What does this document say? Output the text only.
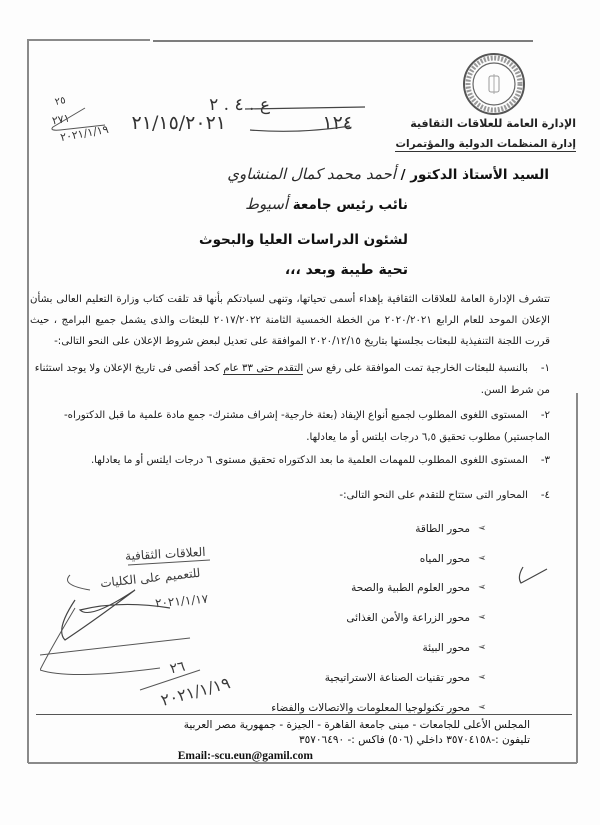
الإدارة العامة للعلاقات الثقافية
إدارة المنظمات الدولية والمؤتمرات
ع . ٤ . ٢
١٢٤
٢١/١٥/٢٠٢١
٢٥
٢٧١
٢٠٢١/١/١٩
السيد الأستاذ الدكتور / أحمد محمد كمال المنشاوي
نائب رئيس جامعة أسيوط
لشئون الدراسات العليا والبحوث
تحية طيبة وبعد ،،،
تتشرف الإدارة العامة للعلاقات الثقافية بإهداء أسمى تحياتها، وتنهى لسيادتكم بأنها قد تلقت كتاب وزارة التعليم العالى بشأن الإعلان الموحد للعام الرابع ٢٠٢٠/٢٠٢١ من الخطة الخمسية الثامنة ٢٠١٧/٢٠٢٢ للبعثات والذى يشمل جميع البرامج ، حيث قررت اللجنة التنفيذية للبعثات بجلستها بتاريخ ٢٠٢٠/١٢/١٥ الموافقة على تعديل لبعض شروط الإعلان على النحو التالى:-
١-بالنسبة للبعثات الخارجية تمت الموافقة على رفع سن التقدم حتى ٣٣ عام كحد أقصى فى تاريخ الإعلان ولا يوجد استثناء من شرط السن.
٢-المستوى اللغوى المطلوب لجميع أنواع الإيفاد (بعثة خارجية- إشراف مشترك- جمع مادة علمية ما قبل الدكتوراه- الماجستير) مطلوب تحقيق ٦,٥ درجات ايلتس أو ما يعادلها.
٣-المستوى اللغوى المطلوب للمهمات العلمية ما بعد الدكتوراه تحقيق مستوى ٦ درجات ايلتس أو ما يعادلها.
٤-المحاور التى ستتاح للتقدم على النحو التالى:-
➢
محور الطاقة
➢
محور المياه
➢
محور العلوم الطبية والصحة
➢
محور الزراعة والأمن الغذائى
➢
محور البيئة
➢
محور تقنيات الصناعة الاستراتيجية
➢
محور تكنولوجيا المعلومات والاتصالات والفضاء
العلاقات الثقافية
للتعميم على الكليات
٢٠٢١/١/١٧
٢٦
٢٠٢١/١/١٩
المجلس الأعلى للجامعات - مبنى جامعة القاهرة - الجيزة - جمهورية مصر العربية
تليفون :-٣٥٧٠٤١٥٨ داخلي (٥٠٦) فاكس :- ٣٥٧٠٦٤٩٠
Email:-scu.eun@gamil.com
